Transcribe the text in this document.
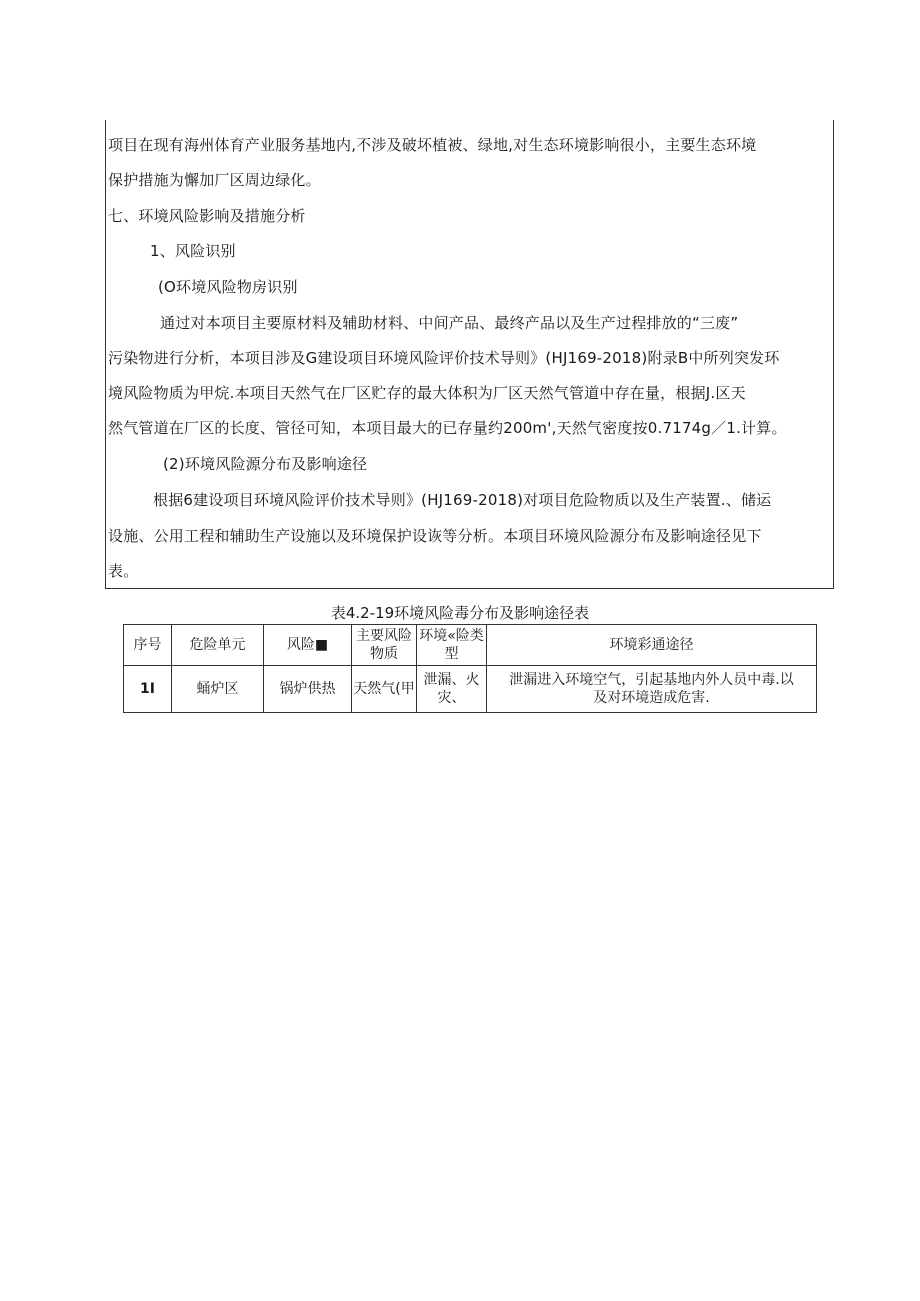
项目在现有海州体育产业服务基地内,不涉及破坏植被、绿地,对生态环境影响很小，主要生态环境
保护措施为懈加厂区周边绿化。
七、环境风险影响及措施分析
1、风险识别
(O环境风险物房识别
通过对本项目主要原材料及辅助材料、中间产品、最终产品以及生产过程排放的“三废”
污染物进行分析，本项目涉及G建设项目环境风险评价技术导则》(HJ169-2018)附录B中所列突发环
境风险物质为甲烷.本项目天然气在厂区贮存的最大体积为厂区天然气管道中存在量，根据J.区天
然气管道在厂区的长度、管径可知，本项目最大的已存量约200m',天然气密度按0.7174g／1.计算。
(2)环境风险源分布及影响途径
根据6建设项目环境风险评价技术导则》(HJ169-2018)对项目危险物质以及生产装置.、储运
设施、公用工程和辅助生产设施以及环境保护设诙等分析。本项目环境风险源分布及影响途径见下
表。
表4.2-19环境风险毒分布及影响途径表
序号	危险单元	风险■	主要风险物质	环境«险类型	环境彩通途径
1I	蛹炉区	锅炉供热	天然气(甲	泄漏、火灾、	泄漏进入环境空气，引起基地内外人员中毒.以及对环境造成危害.
